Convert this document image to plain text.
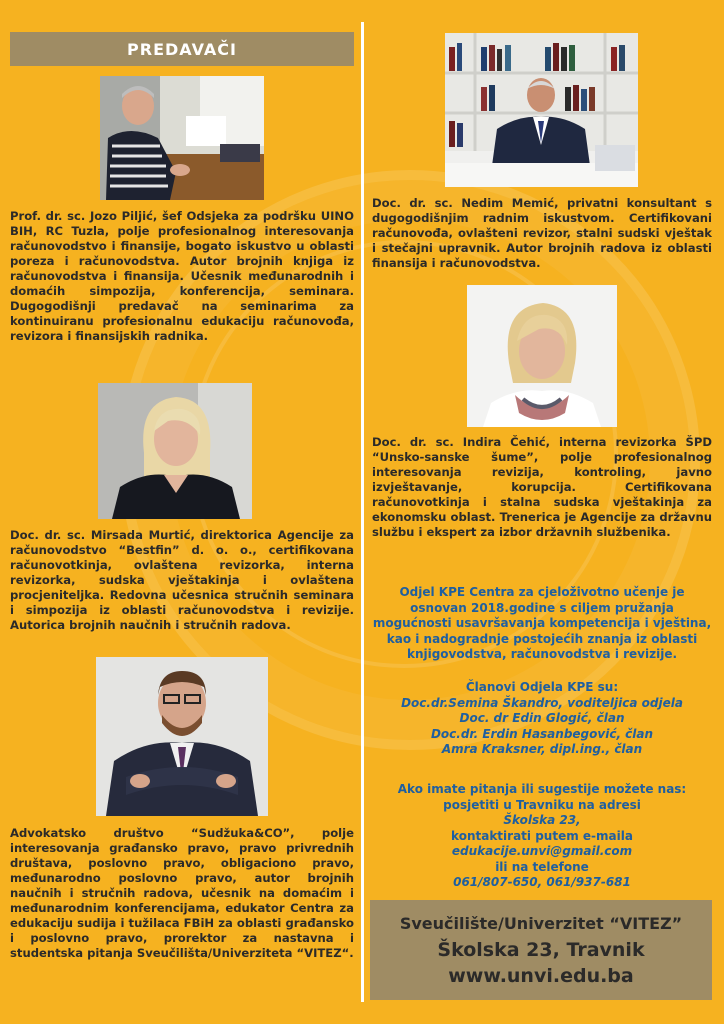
PREDAVAČI
Prof. dr. sc. Jozo Piljić, šef Odsjeka za podršku UINO BIH, RC Tuzla, polje profesionalnog interesovanja računovodstvo i finansije, bogato iskustvo u oblasti poreza i računovodstva. Autor brojnih knjiga iz računovodstva i finansija. Učesnik međunarodnih i domaćih simpozija, konferencija, seminara. Dugogodišnji predavač na seminarima za kontinuiranu profesionalnu edukaciju računovođa, revizora i finansijskih radnika.
Doc. dr. sc. Mirsada Murtić, direktorica Agencije za računovodstvo “Bestfin” d. o. o., certifikovana računovotkinja, ovlaštena revizorka, interna revizorka, sudska vještakinja i ovlaštena procjeniteljka. Redovna učesnica stručnih seminara i simpozija iz oblasti računovodstva i revizije. Autorica brojnih naučnih i stručnih radova.
Advokatsko društvo “Sudžuka&CO”, polje interesovanja građansko pravo, pravo privrednih društava, poslovno pravo, obligaciono pravo, međunarodno poslovno pravo, autor brojnih naučnih i stručnih radova, učesnik na domaćim i međunarodnim konferencijama, edukator Centra za edukaciju sudija i tužilaca FBiH za oblasti građansko i poslovno pravo, prorektor za nastavna i studentska pitanja Sveučilišta/Univerziteta “VITEZ“.
Doc. dr. sc. Nedim Memić, privatni konsultant s dugogodišnjim radnim iskustvom. Certifikovani računovođa, ovlašteni revizor, stalni sudski vještak i stečajni upravnik. Autor brojnih radova iz oblasti finansija i računovodstva.
Doc. dr. sc. Indira Čehić, interna revizorka ŠPD “Unsko-sanske šume”, polje profesionalnog interesovanja revizija, kontroling, javno izvještavanje, korupcija. Certifikovana računovotkinja i stalna sudska vještakinja za ekonomsku oblast. Trenerica je Agencije za državnu službu i ekspert za izbor državnih službenika.
Odjel KPE Centra za cjeloživotno učenje je osnovan 2018.godine s ciljem pružanja mogućnosti usavršavanja kompetencija i vještina, kao i nadogradnje postojećih znanja iz oblasti knjigovodstva, računovodstva i revizije.

Članovi Odjela KPE su:

Doc.dr.Semina Škandro, voditeljica odjela

Doc. dr Edin Glogić, član

Doc.dr. Erdin Hasanbegović, član

Amra Kraksner, dipl.ing., član

Ako imate pitanja ili sugestije možete nas:

posjetiti u Travniku na adresi

Školska 23,

kontaktirati putem e-maila

edukacije.unvi@gmail.com

ili na telefone

061/807-650, 061/937-681

Sveučilište/Univerzitet “VITEZ”
Školska 23, Travnik
www.unvi.edu.ba
